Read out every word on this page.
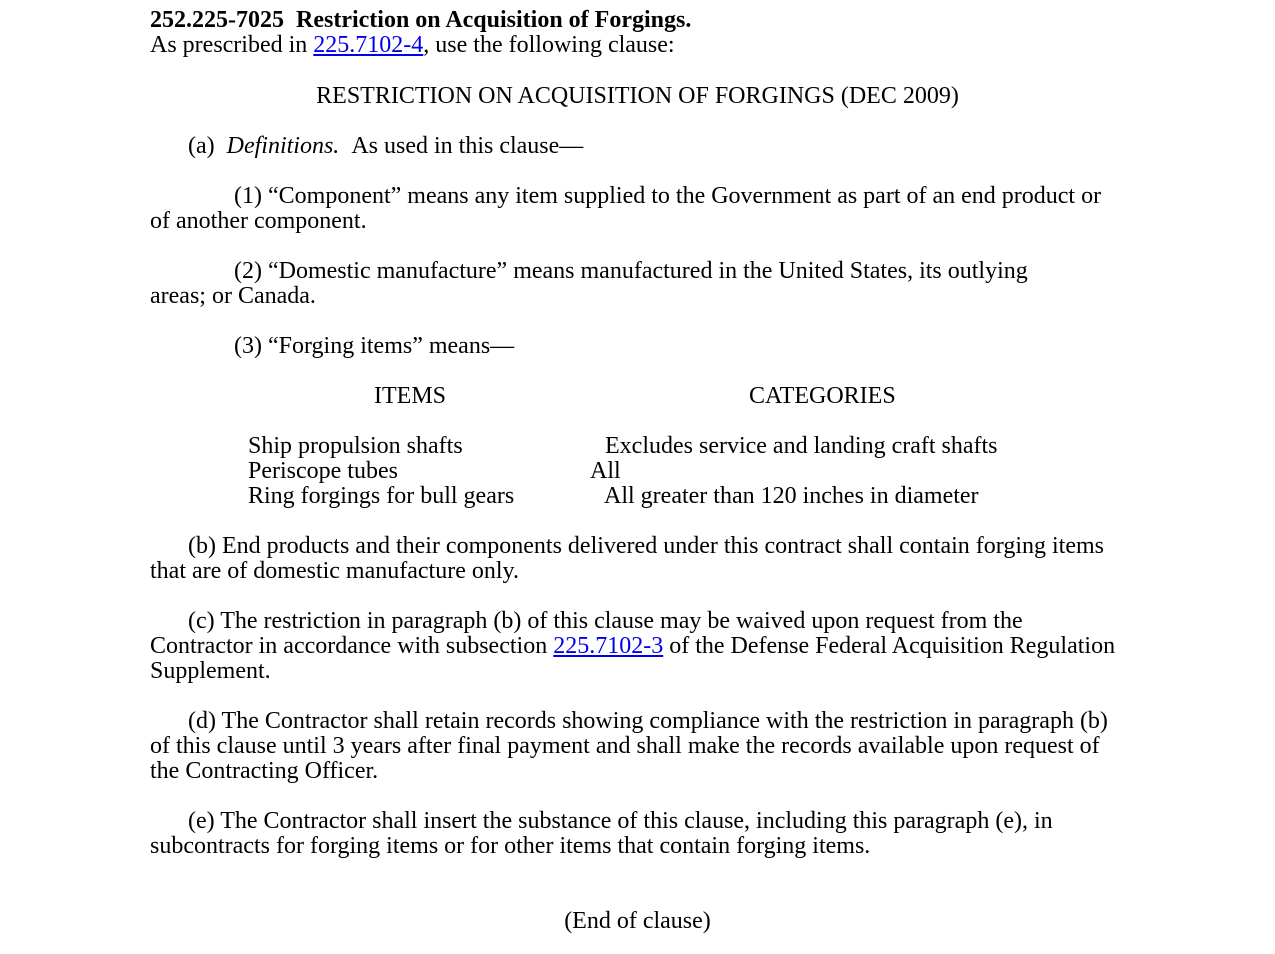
252.225-7025 Restriction on Acquisition of Forgings.
As prescribed in 225.7102-4, use the following clause:
RESTRICTION ON ACQUISITION OF FORGINGS (DEC 2009)
(a) Definitions. As used in this clause—

(1) “Component” means any item supplied to the Government as part of an end product or of another component.

(2) “Domestic manufacture” means manufactured in the United States, its outlying areas; or Canada.

(3) “Forging items” means—
ITEMS	CATEGORIES
Ship propulsion shafts	Excludes service and landing craft shafts
Periscope tubes	All
Ring forgings for bull gears	All greater than 120 inches in diameter

(b) End products and their components delivered under this contract shall contain forging items that are of domestic manufacture only.

(c) The restriction in paragraph (b) of this clause may be waived upon request from the Contractor in accordance with subsection 225.7102-3 of the Defense Federal Acquisition Regulation Supplement.

(d) The Contractor shall retain records showing compliance with the restriction in paragraph (b) of this clause until 3 years after final payment and shall make the records available upon request of the Contracting Officer.

(e) The Contractor shall insert the substance of this clause, including this paragraph (e), in subcontracts for forging items or for other items that contain forging items.

(End of clause)
